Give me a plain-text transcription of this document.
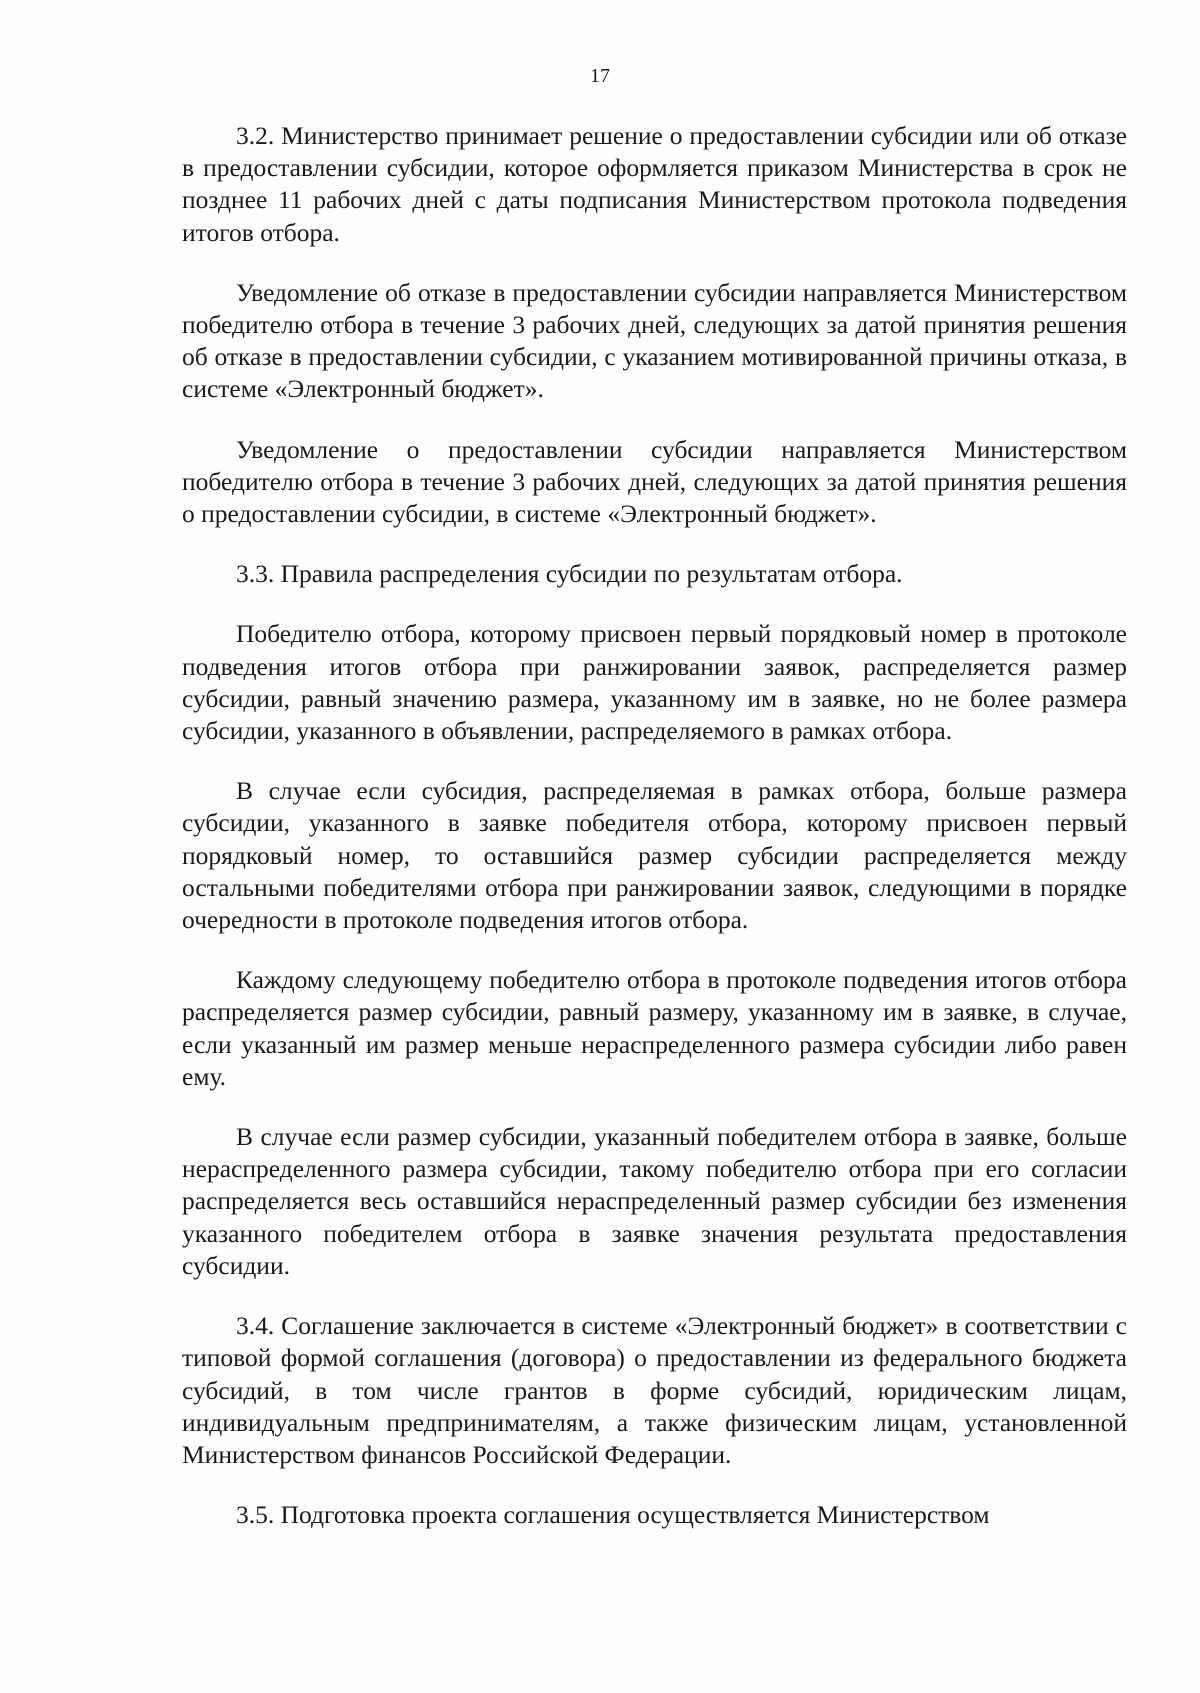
17

3.2. Министерство принимает решение о предоставлении субсидии или об отказе в предоставлении субсидии, которое оформляется приказом Министерства в срок не позднее 11 рабочих дней с даты подписания Министерством протокола подведения итогов отбора.

Уведомление об отказе в предоставлении субсидии направляется Министерством победителю отбора в течение 3 рабочих дней, следующих за датой принятия решения об отказе в предоставлении субсидии, с указанием мотивированной причины отказа, в системе «Электронный бюджет».

Уведомление о предоставлении субсидии направляется Министерством победителю отбора в течение 3 рабочих дней, следующих за датой принятия решения о предоставлении субсидии, в системе «Электронный бюджет».

3.3. Правила распределения субсидии по результатам отбора.

Победителю отбора, которому присвоен первый порядковый номер в протоколе подведения итогов отбора при ранжировании заявок, распределяется размер субсидии, равный значению размера, указанному им в заявке, но не более размера субсидии, указанного в объявлении, распределяемого в рамках отбора.

В случае если субсидия, распределяемая в рамках отбора, больше размера субсидии, указанного в заявке победителя отбора, которому присвоен первый порядковый номер, то оставшийся размер субсидии распределяется между остальными победителями отбора при ранжировании заявок, следующими в порядке очередности в протоколе подведения итогов отбора.

Каждому следующему победителю отбора в протоколе подведения итогов отбора распределяется размер субсидии, равный размеру, указанному им в заявке, в случае, если указанный им размер меньше нераспределенного размера субсидии либо равен ему.

В случае если размер субсидии, указанный победителем отбора в заявке, больше нераспределенного размера субсидии, такому победителю отбора при его согласии распределяется весь оставшийся нераспределенный размер субсидии без изменения указанного победителем отбора в заявке значения результата предоставления субсидии.

3.4. Соглашение заключается в системе «Электронный бюджет» в соответствии с типовой формой соглашения (договора) о предоставлении из федерального бюджета субсидий, в том числе грантов в форме субсидий, юридическим лицам, индивидуальным предпринимателям, а также физическим лицам, установленной Министерством финансов Российской Федерации.

3.5. Подготовка проекта соглашения осуществляется Министерством
